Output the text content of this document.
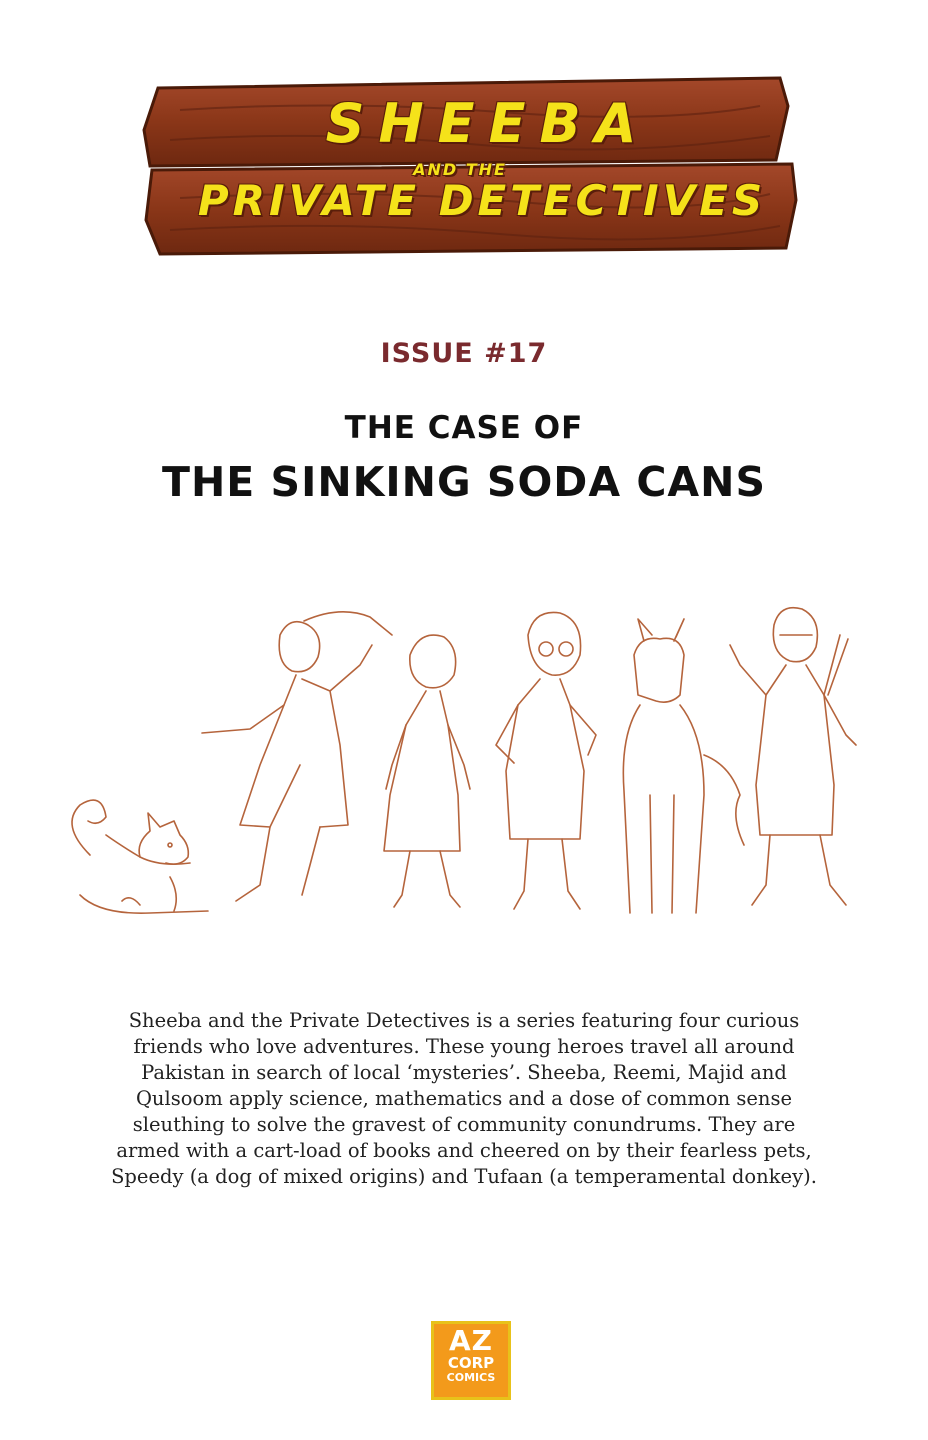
SHEEBA
AND THE
PRIVATE DETECTIVES
ISSUE #17
THE CASE OF
THE SINKING SODA CANS
Sheeba and the Private Detectives is a series featuring four curious
friends who love adventures. These young heroes travel all around
Pakistan in search of local ‘mysteries’. Sheeba, Reemi, Majid and
Qulsoom apply science, mathematics and a dose of common sense
sleuthing to solve the gravest of community conundrums. They are
armed with a cart-load of books and cheered on by their fearless pets,
Speedy (a dog of mixed origins) and Tufaan (a temperamental donkey).
AZ
CORP
COMICS
